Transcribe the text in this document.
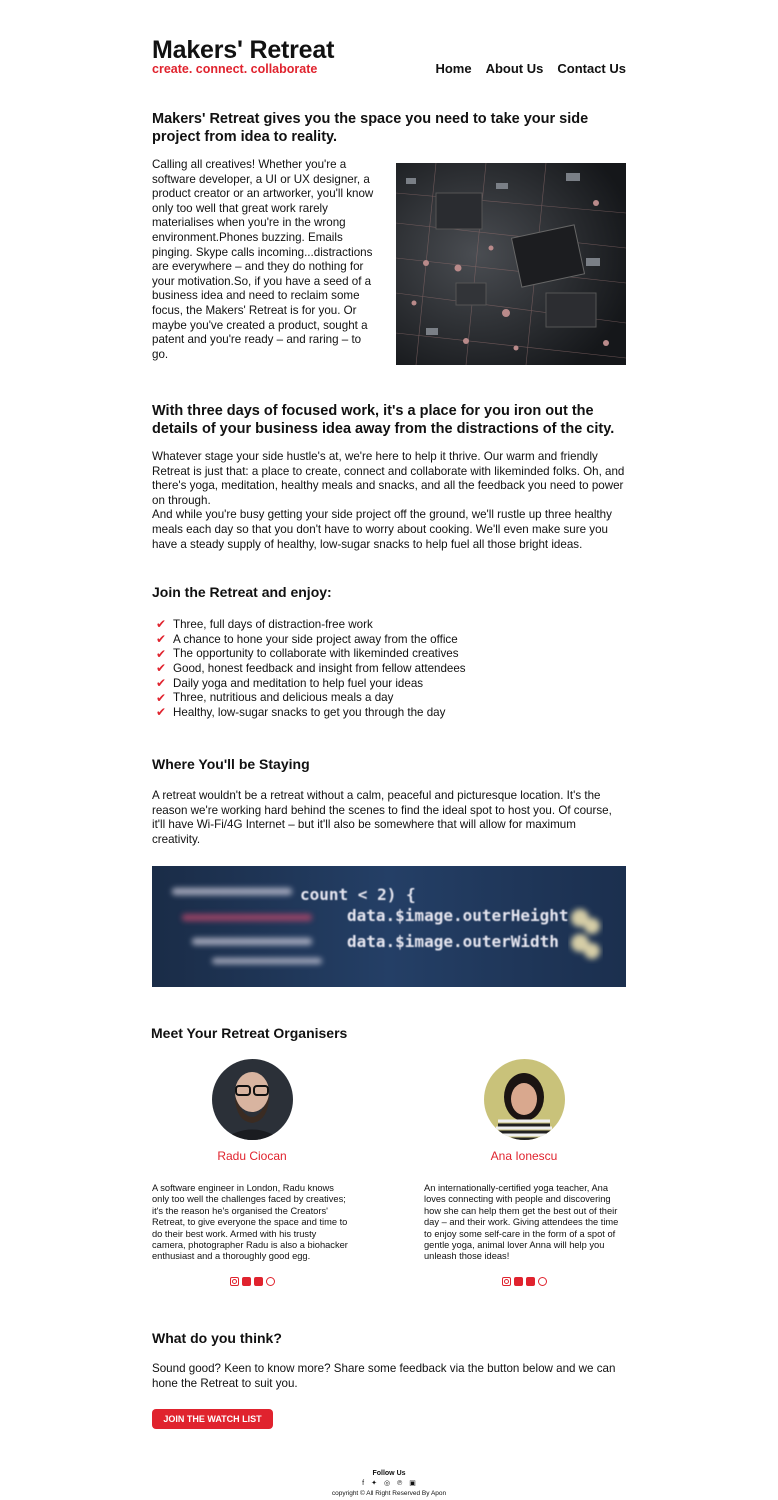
Makers' Retreat
create. connect. collaborate	Home About Us Contact Us
Makers' Retreat gives you the space you need to take your side project from idea to reality.

Calling all creatives! Whether you're a software developer, a UI or UX designer, a product creator or an artworker, you'll know only too well that great work rarely materialises when you're in the wrong environment.Phones buzzing. Emails pinging. Skype calls incoming...distractions are everywhere – and they do nothing for your motivation.So, if you have a seed of a business idea and need to reclaim some focus, the Makers' Retreat is for you. Or maybe you've created a product, sought a patent and you're ready – and raring – to go.

With three days of focused work, it's a place for you iron out the details of your business idea away from the distractions of the city.

Whatever stage your side hustle's at, we're here to help it thrive. Our warm and friendly Retreat is just that: a place to create, connect and collaborate with likeminded folks. Oh, and there's yoga, meditation, healthy meals and snacks, and all the feedback you need to power on through.

And while you're busy getting your side project off the ground, we'll rustle up three healthy meals each day so that you don't have to worry about cooking. We'll even make sure you have a steady supply of healthy, low-sugar snacks to help fuel all those bright ideas.

Join the Retreat and enjoy:
✔ Three, full days of distraction-free work
✔ A chance to hone your side project away from the office
✔ The opportunity to collaborate with likeminded creatives
✔ Good, honest feedback and insight from fellow attendees
✔ Daily yoga and meditation to help fuel your ideas
✔ Three, nutritious and delicious meals a day
✔ Healthy, low-sugar snacks to get you through the day
Where You'll be Staying

A retreat wouldn't be a retreat without a calm, peaceful and picturesque location. It's the reason we're working hard behind the scenes to find the ideal spot to host you. Of course, it'll have Wi-Fi/4G Internet – but it'll also be somewhere that will allow for maximum creativity.

count < 2) {
data.$image.outerHeight
data.$image.outerWidth
Meet Your Retreat Organisers
Radu Ciocan

A software engineer in London, Radu knows only too well the challenges faced by creatives; it's the reason he's organised the Creators' Retreat, to give everyone the space and time to do their best work. Armed with his trusty camera, photographer Radu is also a biohacker enthusiast and a thoroughly good egg.

Ana Ionescu

An internationally-certified yoga teacher, Ana loves connecting with people and discovering how she can help them get the best out of their day – and their work. Giving attendees the time to enjoy some self-care in the form of a spot of gentle yoga, animal lover Anna will help you unleash those ideas!

What do you think?

Sound good? Keen to know more? Share some feedback via the button below and we can hone the Retreat to suit you.

JOIN THE WATCH LIST
Follow Us
f ✦ ◎ ℗ ▣
copyright © All Right Reserved By Apon
